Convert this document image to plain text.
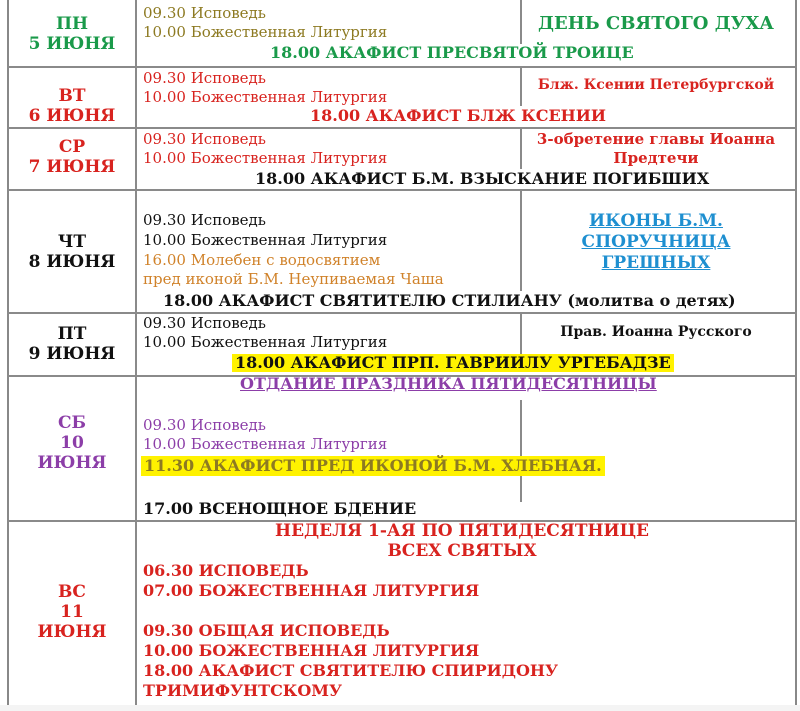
ПН
5 ИЮНЯ
09.30 Исповедь
10.00 Божественная Литургия
18.00 АКАФИСТ ПРЕСВЯТОЙ ТРОИЦЕ
ДЕНЬ СВЯТОГО ДУХА
ВТ
6 ИЮНЯ
09.30 Исповедь
10.00 Божественная Литургия
18.00 АКАФИСТ БЛЖ КСЕНИИ
Блж. Ксении Петербургской
СР
7 ИЮНЯ
09.30 Исповедь
10.00 Божественная Литургия
18.00 АКАФИСТ Б.М. ВЗЫСКАНИЕ ПОГИБШИХ
3-обретение главы Иоанна
Предтечи
ЧТ
8 ИЮНЯ
09.30 Исповедь
10.00 Божественная Литургия
16.00 Молебен с водосвятием
пред иконой Б.М. Неупиваемая Чаша
18.00 АКАФИСТ СВЯТИТЕЛЮ СТИЛИАНУ (молитва о детях)
ИКОНЫ Б.М.
СПОРУЧНИЦА
ГРЕШНЫХ
ПТ
9 ИЮНЯ
09.30 Исповедь
10.00 Божественная Литургия
18.00 АКАФИСТ ПРП. ГАВРИИЛУ УРГЕБАДЗЕ
Прав. Иоанна Русского
СБ
10
ИЮНЯ
ОТДАНИЕ ПРАЗДНИКА ПЯТИДЕСЯТНИЦЫ
09.30 Исповедь
10.00 Божественная Литургия
11.30 АКАФИСТ ПРЕД ИКОНОЙ Б.М. ХЛЕБНАЯ.
17.00 ВСЕНОЩНОЕ БДЕНИЕ
ВС
11
ИЮНЯ
НЕДЕЛЯ 1-АЯ ПО ПЯТИДЕСЯТНИЦЕ
ВСЕХ СВЯТЫХ
06.30 ИСПОВЕДЬ
07.00 БОЖЕСТВЕННАЯ ЛИТУРГИЯ
09.30 ОБЩАЯ ИСПОВЕДЬ
10.00 БОЖЕСТВЕННАЯ ЛИТУРГИЯ
18.00 АКАФИСТ СВЯТИТЕЛЮ СПИРИДОНУ
ТРИМИФУНТСКОМУ
